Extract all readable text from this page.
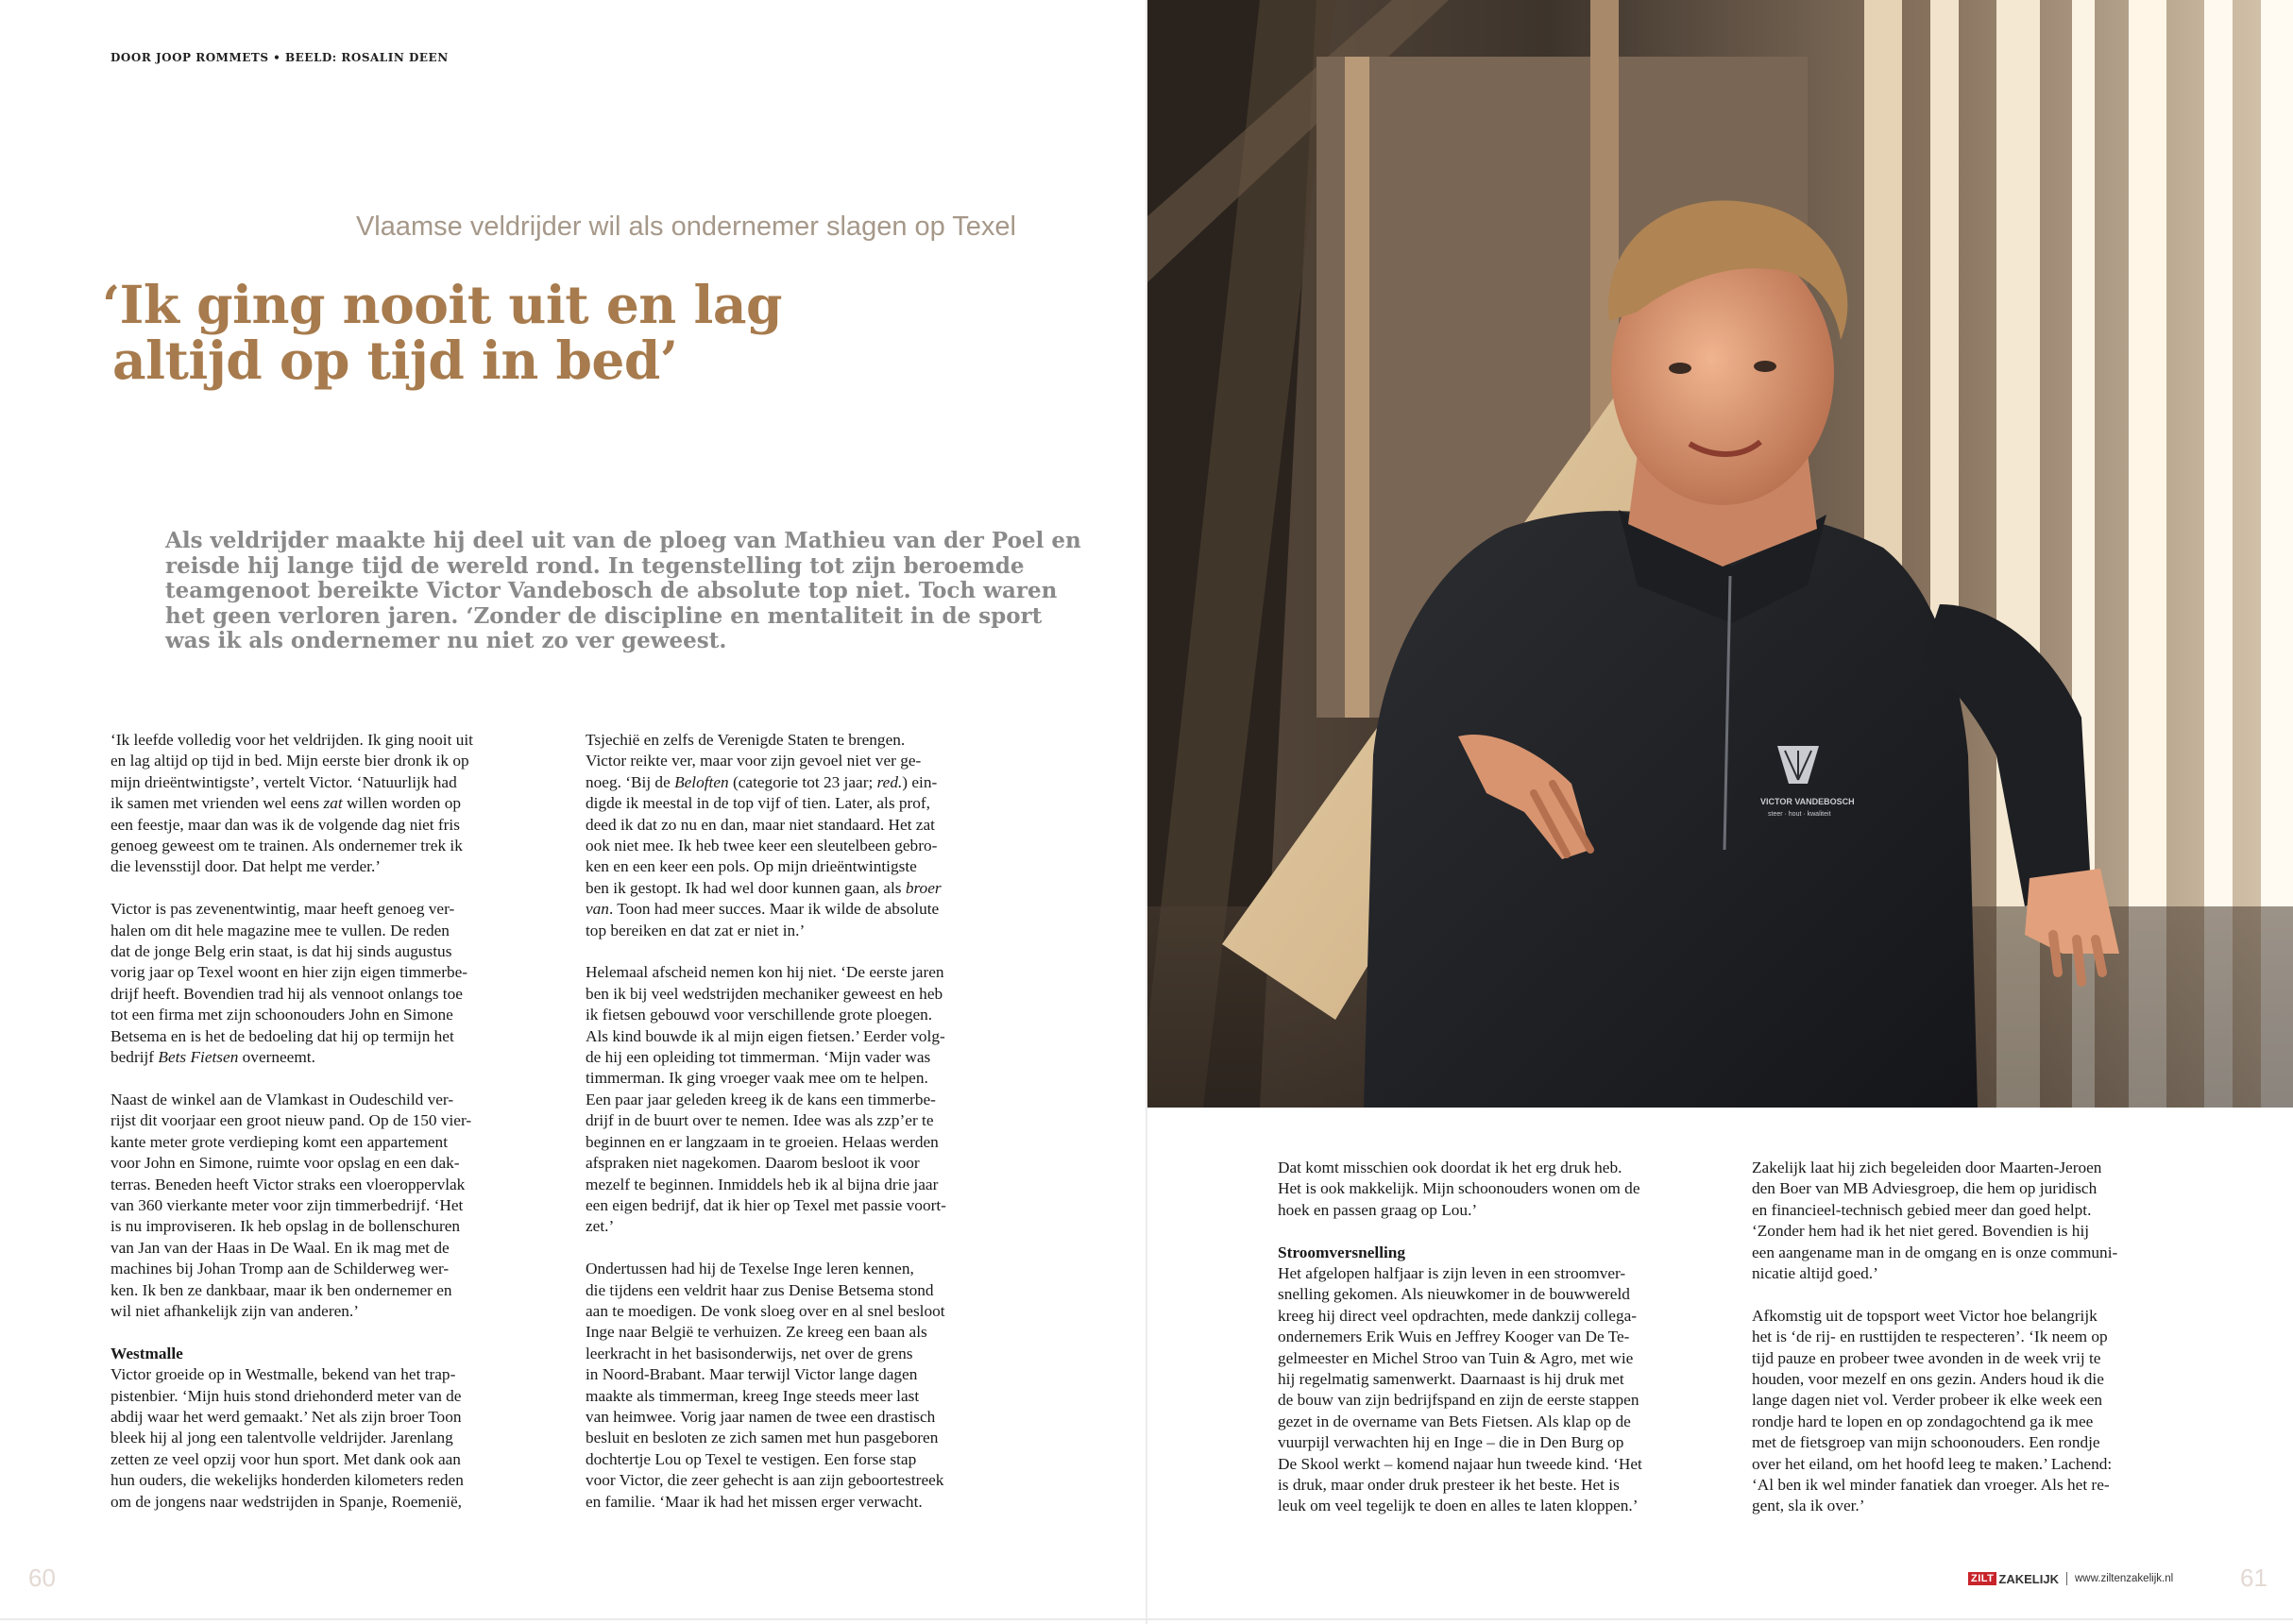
VICTOR VANDEBOSCH
steer · hout · kwaliteit
DOOR JOOP ROMMETS • BEELD: ROSALIN DEEN
Vlaamse veldrijder wil als ondernemer slagen op Texel
‘Ik ging nooit uit en lag
altijd op tijd in bed’

Als veldrijder maakte hij deel uit van de ploeg van Mathieu van der Poel en
reisde hij lange tijd de wereld rond. In tegenstelling tot zijn beroemde
teamgenoot bereikte Victor Vandebosch de absolute top niet. Toch waren
het geen verloren jaren. ‘Zonder de discipline en mentaliteit in de sport
was ik als ondernemer nu niet zo ver geweest.

‘Ik leefde volledig voor het veldrijden. Ik ging nooit uit
en lag altijd op tijd in bed. Mijn eerste bier dronk ik op
mijn drieëntwintigste’, vertelt Victor. ‘Natuurlijk had
ik samen met vrienden wel eens zat willen worden op
een feestje, maar dan was ik de volgende dag niet fris
genoeg geweest om te trainen. Als ondernemer trek ik
die levensstijl door. Dat helpt me verder.’

Victor is pas zevenentwintig, maar heeft genoeg ver-
halen om dit hele magazine mee te vullen. De reden
dat de jonge Belg erin staat, is dat hij sinds augustus
vorig jaar op Texel woont en hier zijn eigen timmerbe-
drijf heeft. Bovendien trad hij als vennoot onlangs toe
tot een firma met zijn schoonouders John en Simone
Betsema en is het de bedoeling dat hij op termijn het
bedrijf Bets Fietsen overneemt.

Naast de winkel aan de Vlamkast in Oudeschild ver-
rijst dit voorjaar een groot nieuw pand. Op de 150 vier-
kante meter grote verdieping komt een appartement
voor John en Simone, ruimte voor opslag en een dak-
terras. Beneden heeft Victor straks een vloeroppervlak
van 360 vierkante meter voor zijn timmerbedrijf. ‘Het
is nu improviseren. Ik heb opslag in de bollenschuren
van Jan van der Haas in De Waal. En ik mag met de
machines bij Johan Tromp aan de Schilderweg wer-
ken. Ik ben ze dankbaar, maar ik ben ondernemer en
wil niet afhankelijk zijn van anderen.’

Westmalle

Victor groeide op in Westmalle, bekend van het trap-
pistenbier. ‘Mijn huis stond driehonderd meter van de
abdij waar het werd gemaakt.’ Net als zijn broer Toon
bleek hij al jong een talentvolle veldrijder. Jarenlang
zetten ze veel opzij voor hun sport. Met dank ook aan
hun ouders, die wekelijks honderden kilometers reden
om de jongens naar wedstrijden in Spanje, Roemenië,

Tsjechië en zelfs de Verenigde Staten te brengen.
Victor reikte ver, maar voor zijn gevoel niet ver ge-
noeg. ‘Bij de Beloften (categorie tot 23 jaar; red.) ein-
digde ik meestal in de top vijf of tien. Later, als prof,
deed ik dat zo nu en dan, maar niet standaard. Het zat
ook niet mee. Ik heb twee keer een sleutelbeen gebro-
ken en een keer een pols. Op mijn drieëntwintigste
ben ik gestopt. Ik had wel door kunnen gaan, als broer
van. Toon had meer succes. Maar ik wilde de absolute
top bereiken en dat zat er niet in.’

Helemaal afscheid nemen kon hij niet. ‘De eerste jaren
ben ik bij veel wedstrijden mechaniker geweest en heb
ik fietsen gebouwd voor verschillende grote ploegen.
Als kind bouwde ik al mijn eigen fietsen.’ Eerder volg-
de hij een opleiding tot timmerman. ‘Mijn vader was
timmerman. Ik ging vroeger vaak mee om te helpen.
Een paar jaar geleden kreeg ik de kans een timmerbe-
drijf in de buurt over te nemen. Idee was als zzp’er te
beginnen en er langzaam in te groeien. Helaas werden
afspraken niet nagekomen. Daarom besloot ik voor
mezelf te beginnen. Inmiddels heb ik al bijna drie jaar
een eigen bedrijf, dat ik hier op Texel met passie voort-
zet.’

Ondertussen had hij de Texelse Inge leren kennen,
die tijdens een veldrit haar zus Denise Betsema stond
aan te moedigen. De vonk sloeg over en al snel besloot
Inge naar België te verhuizen. Ze kreeg een baan als
leerkracht in het basisonderwijs, net over de grens
in Noord-Brabant. Maar terwijl Victor lange dagen
maakte als timmerman, kreeg Inge steeds meer last
van heimwee. Vorig jaar namen de twee een drastisch
besluit en besloten ze zich samen met hun pasgeboren
dochtertje Lou op Texel te vestigen. Een forse stap
voor Victor, die zeer gehecht is aan zijn geboortestreek
en familie. ‘Maar ik had het missen erger verwacht.

Dat komt misschien ook doordat ik het erg druk heb.
Het is ook makkelijk. Mijn schoonouders wonen om de
hoek en passen graag op Lou.’

Stroomversnelling

Het afgelopen halfjaar is zijn leven in een stroomver-
snelling gekomen. Als nieuwkomer in de bouwwereld
kreeg hij direct veel opdrachten, mede dankzij collega-
ondernemers Erik Wuis en Jeffrey Kooger van De Te-
gelmeester en Michel Stroo van Tuin & Agro, met wie
hij regelmatig samenwerkt. Daarnaast is hij druk met
de bouw van zijn bedrijfspand en zijn de eerste stappen
gezet in de overname van Bets Fietsen. Als klap op de
vuurpijl verwachten hij en Inge – die in Den Burg op
De Skool werkt – komend najaar hun tweede kind. ‘Het
is druk, maar onder druk presteer ik het beste. Het is
leuk om veel tegelijk te doen en alles te laten kloppen.’

Zakelijk laat hij zich begeleiden door Maarten-Jeroen
den Boer van MB Adviesgroep, die hem op juridisch
en financieel-technisch gebied meer dan goed helpt.
‘Zonder hem had ik het niet gered. Bovendien is hij
een aangename man in de omgang en is onze communi-
nicatie altijd goed.’

Afkomstig uit de topsport weet Victor hoe belangrijk
het is ‘de rij- en rusttijden te respecteren’. ‘Ik neem op
tijd pauze en probeer twee avonden in de week vrij te
houden, voor mezelf en ons gezin. Anders houd ik die
lange dagen niet vol. Verder probeer ik elke week een
rondje hard te lopen en op zondagochtend ga ik mee
met de fietsgroep van mijn schoonouders. Een rondje
over het eiland, om het hoofd leeg te maken.’ Lachend:
‘Al ben ik wel minder fanatiek dan vroeger. Als het re-
gent, sla ik over.’

60	61
ZILT ZAKELIJK www.ziltenzakelijk.nl
